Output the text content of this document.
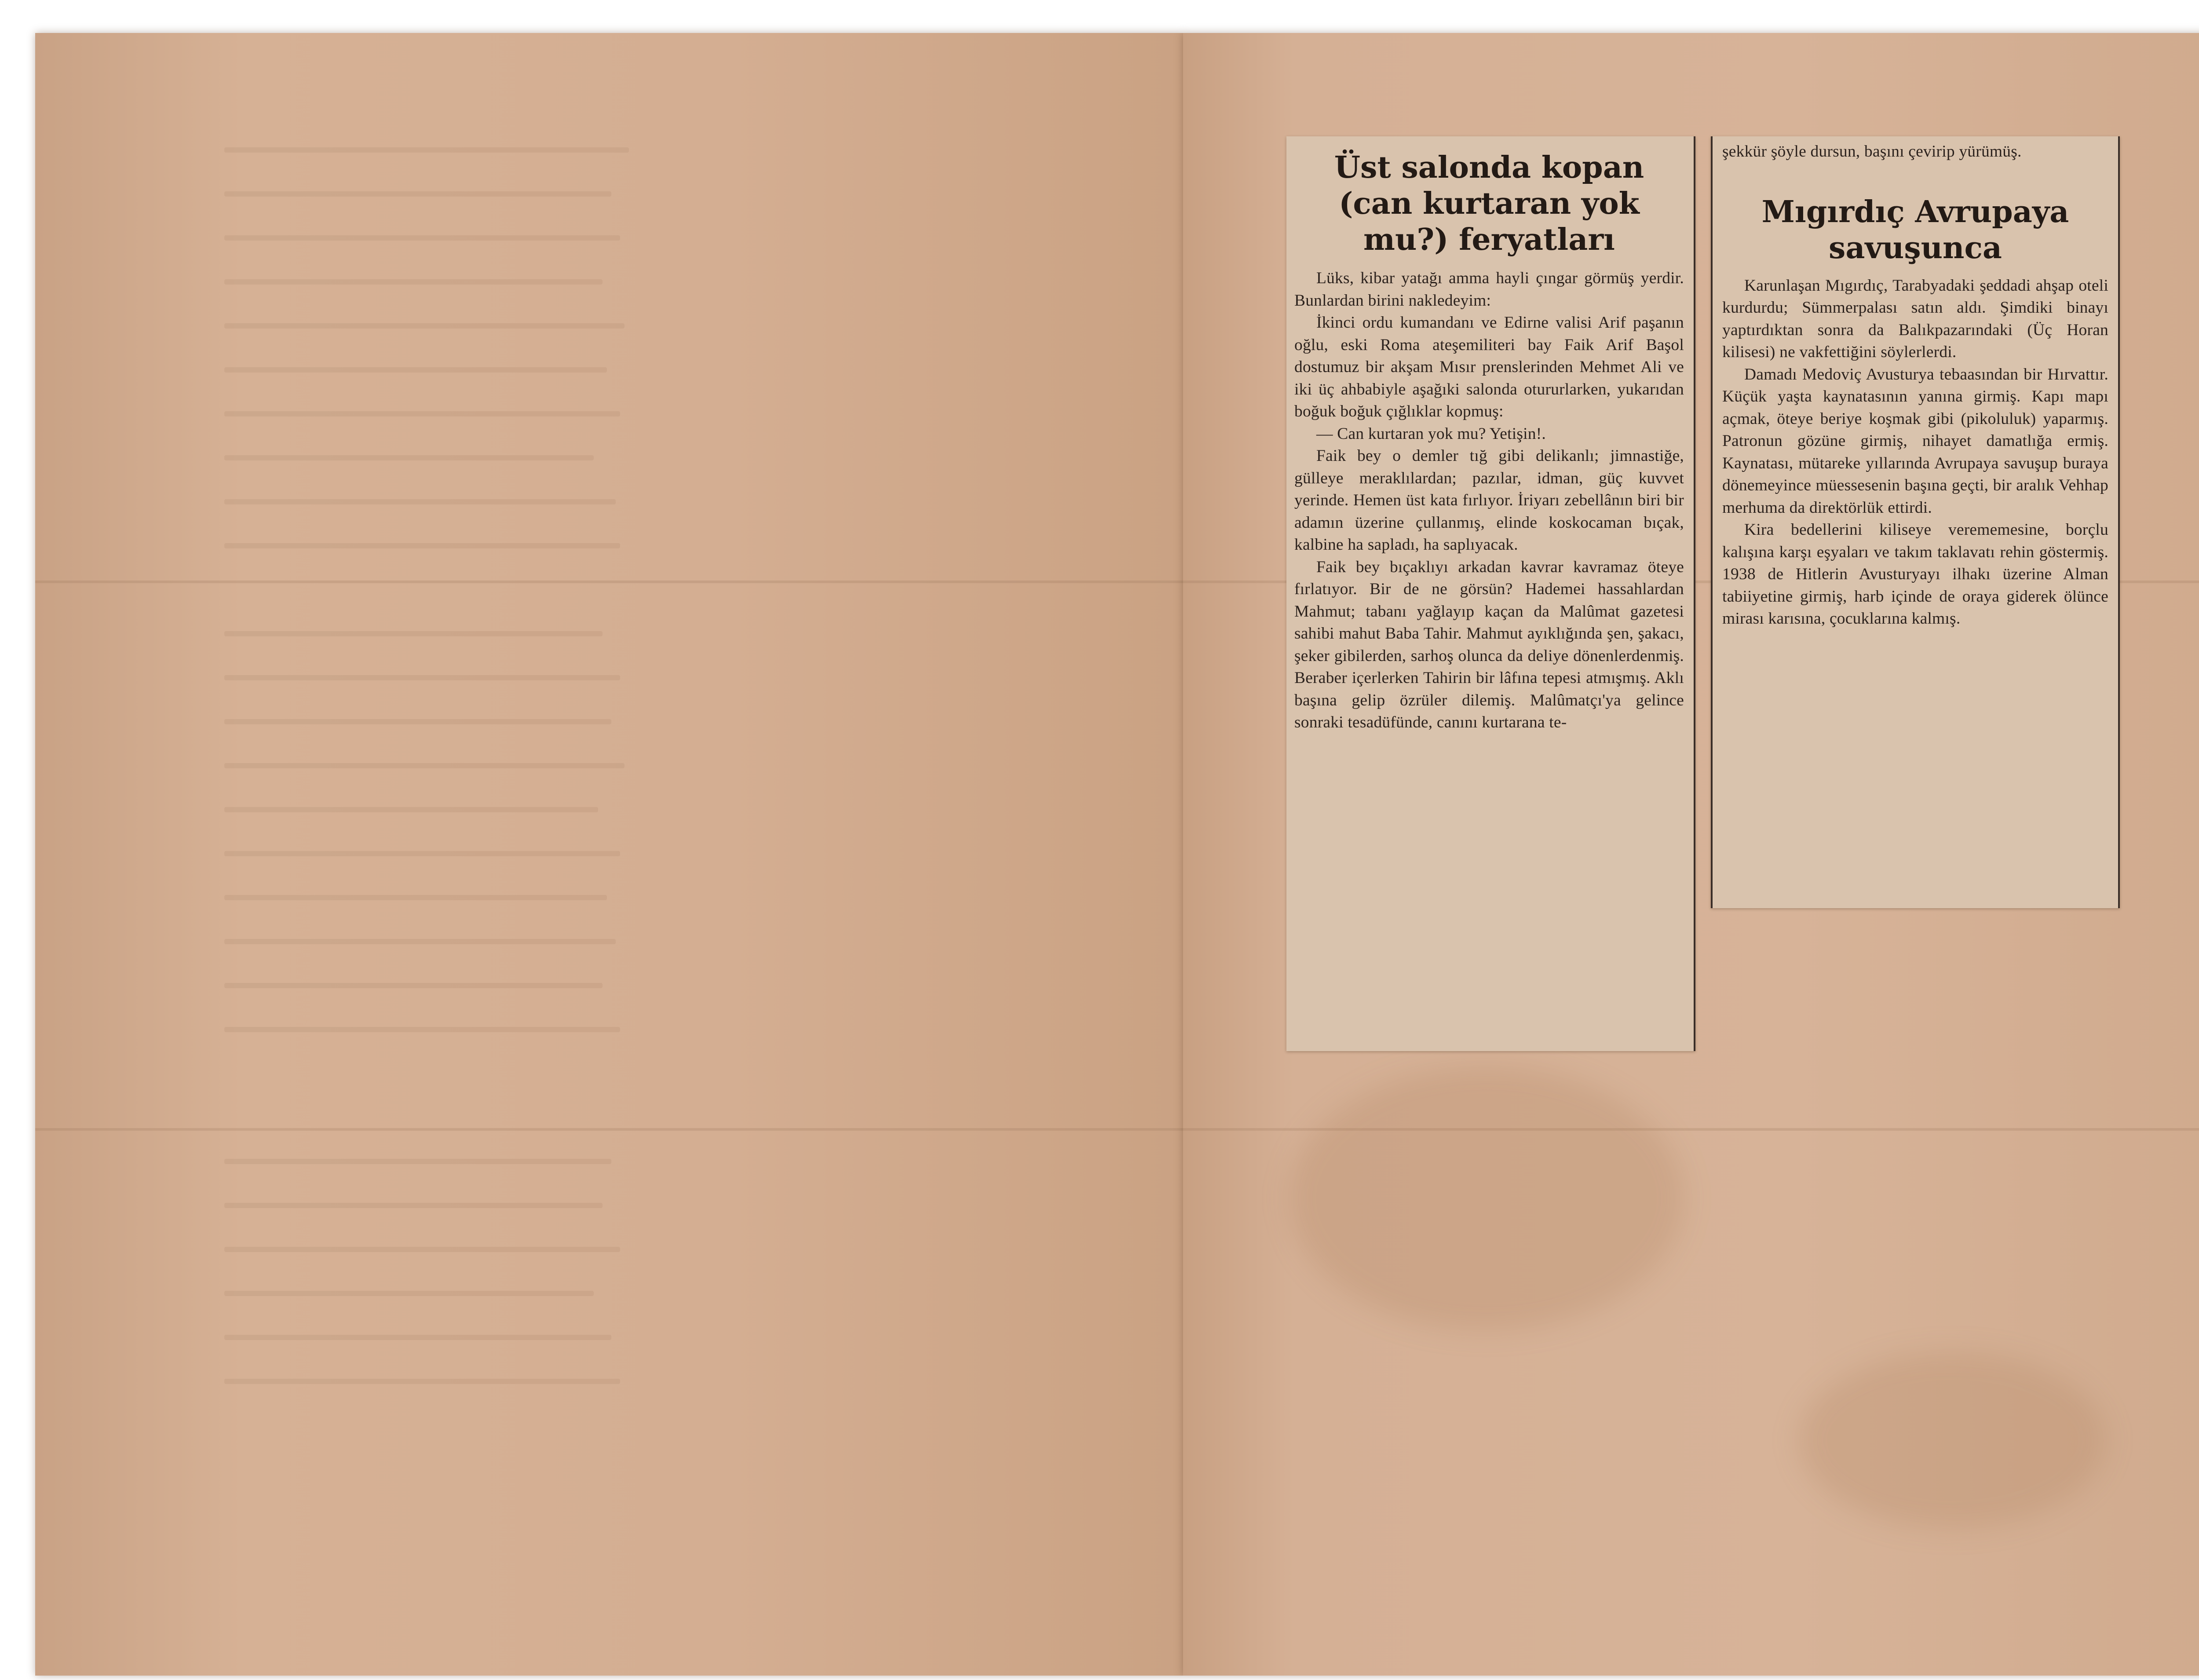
Üst salonda kopan (can kurtaran yok mu?) feryatları

Lüks, kibar yatağı amma hayli çıngar görmüş yerdir. Bunlardan birini nakledeyim:

İkinci ordu kumandanı ve Edirne valisi Arif paşanın oğlu, eski Roma ateşemiliteri bay Faik Arif Başol dostumuz bir akşam Mısır prenslerinden Mehmet Ali ve iki üç ahbabiyle aşağıki salonda otururlarken, yukarıdan boğuk boğuk çığlıklar kopmuş:

— Can kurtaran yok mu? Yetişin!.

Faik bey o demler tığ gibi delikanlı; jimnastiğe, gülleye meraklılardan; pazılar, idman, güç kuvvet yerinde. Hemen üst kata fırlıyor. İriyarı zebellânın biri bir adamın üzerine çullanmış, elinde koskocaman bıçak, kalbine ha sapladı, ha saplıyacak.

Faik bey bıçaklıyı arkadan kavrar kavramaz öteye fırlatıyor. Bir de ne görsün? Hademei hassahlardan Mahmut; tabanı yağlayıp kaçan da Malûmat gazetesi sahibi mahut Baba Tahir. Mahmut ayıklığında şen, şakacı, şeker gibilerden, sarhoş olunca da deliye dönenlerdenmiş. Beraber içerlerken Tahirin bir lâfına tepesi atmışmış. Aklı başına gelip özrüler dilemiş. Malûmatçı'ya gelince sonraki tesadüfünde, canını kurtarana te-

şekkür şöyle dursun, başını çevirip yürümüş.

Mıgırdıç Avrupaya savuşunca

Karunlaşan Mıgırdıç, Tarabyadaki şeddadi ahşap oteli kurdurdu; Sümmerpalası satın aldı. Şimdiki binayı yaptırdıktan sonra da Balıkpazarındaki (Üç Horan kilisesi) ne vakfettiğini söylerlerdi.

Damadı Medoviç Avusturya tebaasından bir Hırvattır. Küçük yaşta kaynatasının yanına girmiş. Kapı mapı açmak, öteye beriye koşmak gibi (pikoluluk) yaparmış. Patronun gözüne girmiş, nihayet damatlığa ermiş. Kaynatası, mütareke yıllarında Avrupaya savuşup buraya dönemeyince müessesenin başına geçti, bir aralık Vehhap merhuma da direktörlük ettirdi.

Kira bedellerini kiliseye verememesine, borçlu kalışına karşı eşyaları ve takım taklavatı rehin göstermiş. 1938 de Hitlerin Avusturyayı ilhakı üzerine Alman tabiiyetine girmiş, harb içinde de oraya giderek ölünce mirası karısına, çocuklarına kalmış.
